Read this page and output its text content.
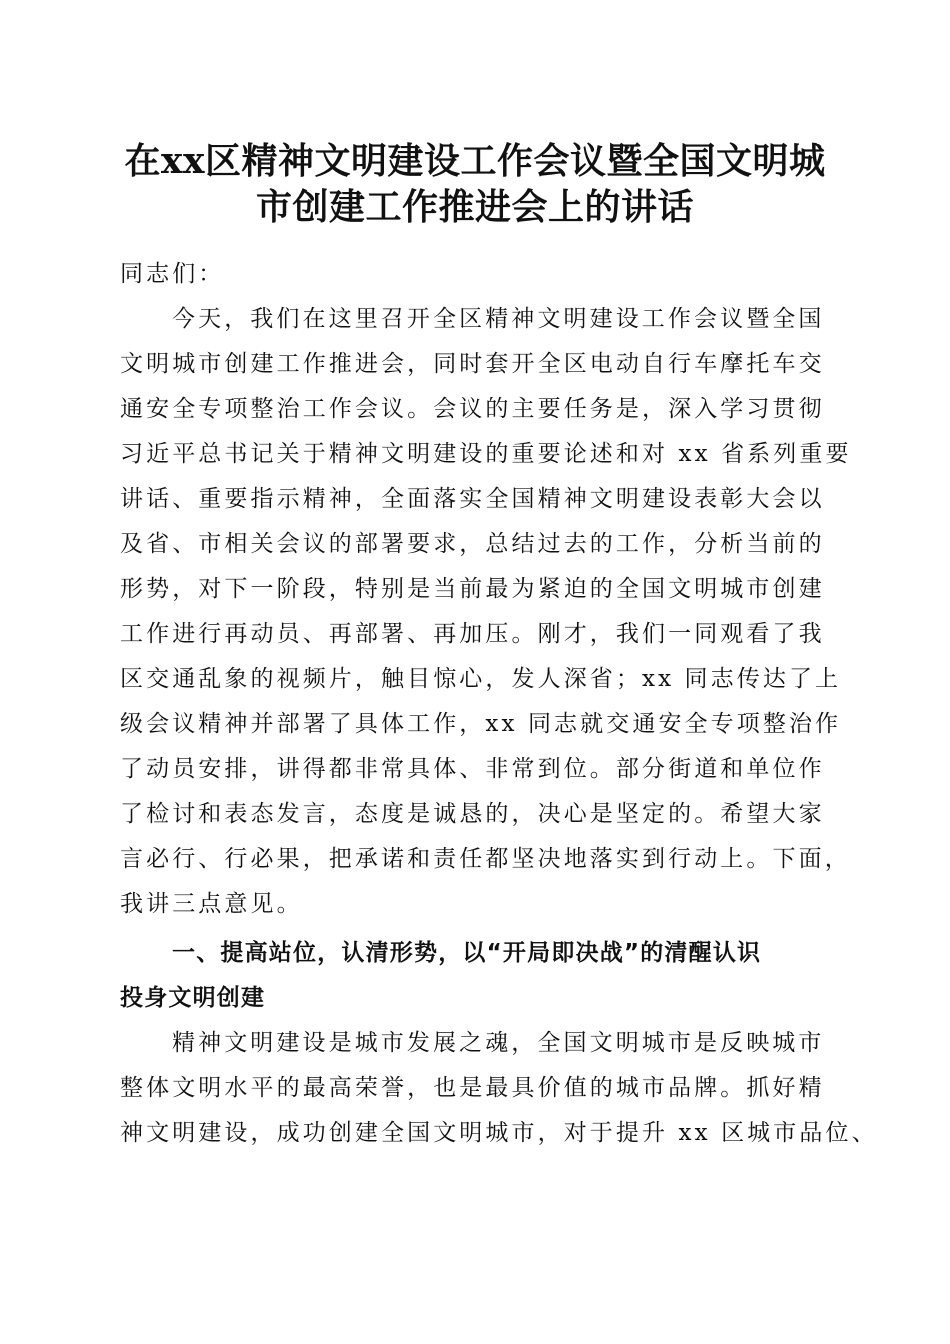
在xx区精神文明建设工作会议暨全国文明城
市创建工作推进会上的讲话
同志们：
今天，我们在这里召开全区精神文明建设工作会议暨全国
文明城市创建工作推进会，同时套开全区电动自行车摩托车交
通安全专项整治工作会议。会议的主要任务是，深入学习贯彻
习近平总书记关于精神文明建设的重要论述和对 xx 省系列重要
讲话、重要指示精神，全面落实全国精神文明建设表彰大会以
及省、市相关会议的部署要求，总结过去的工作，分析当前的
形势，对下一阶段，特别是当前最为紧迫的全国文明城市创建
工作进行再动员、再部署、再加压。刚才，我们一同观看了我
区交通乱象的视频片，触目惊心，发人深省；xx 同志传达了上
级会议精神并部署了具体工作，xx 同志就交通安全专项整治作
了动员安排，讲得都非常具体、非常到位。部分街道和单位作
了检讨和表态发言，态度是诚恳的，决心是坚定的。希望大家
言必行、行必果，把承诺和责任都坚决地落实到行动上。下面，
我讲三点意见。
一、提高站位，认清形势，以“开局即决战”的清醒认识
投身文明创建
精神文明建设是城市发展之魂，全国文明城市是反映城市
整体文明水平的最高荣誉，也是最具价值的城市品牌。抓好精
神文明建设，成功创建全国文明城市，对于提升 xx 区城市品位、
